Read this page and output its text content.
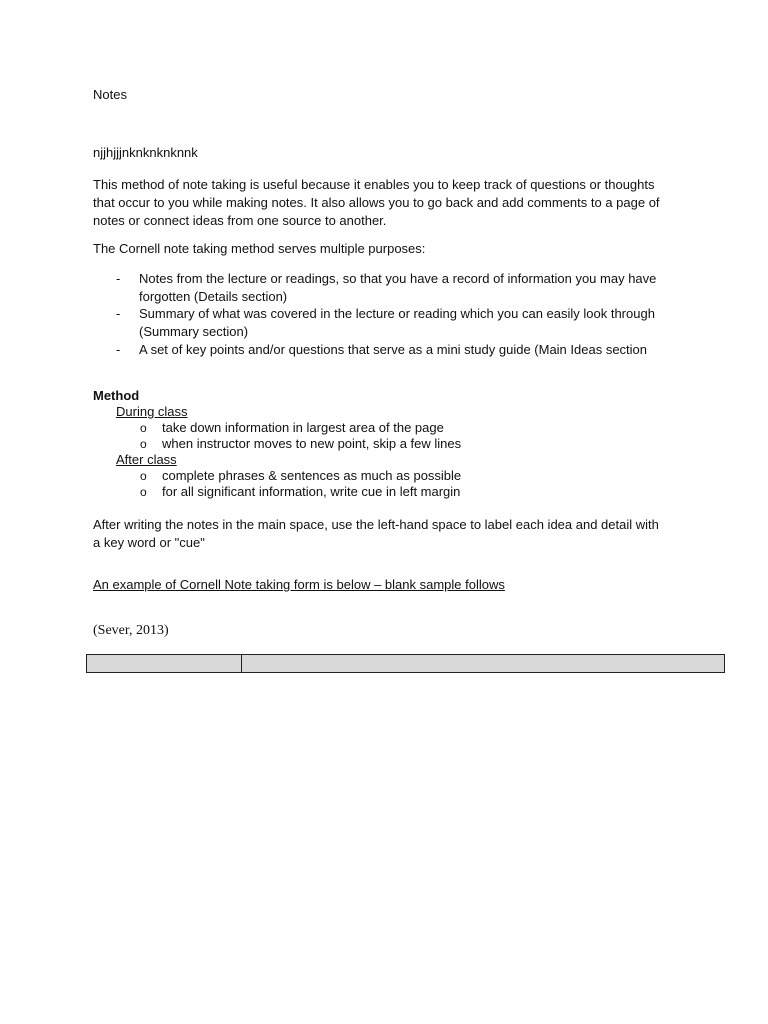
Notes
njjhjjjnknknknknnk
This method of note taking is useful because it enables you to keep track of questions or thoughts that occur to you while making notes. It also allows you to go back and add comments to a page of notes or connect ideas from one source to another.
The Cornell note taking method serves multiple purposes:
- Notes from the lecture or readings, so that you have a record of information you may have forgotten (Details section)
- Summary of what was covered in the lecture or reading which you can easily look through (Summary section)
- A set of key points and/or questions that serve as a mini study guide (Main Ideas section
Method
During class
o take down information in largest area of the page
o when instructor moves to new point, skip a few lines
After class
o complete phrases & sentences as much as possible
o for all significant information, write cue in left margin
After writing the notes in the main space, use the left-hand space to label each idea and detail with a key word or "cue"
An example of Cornell Note taking form is below – blank sample follows
(Sever, 2013)
